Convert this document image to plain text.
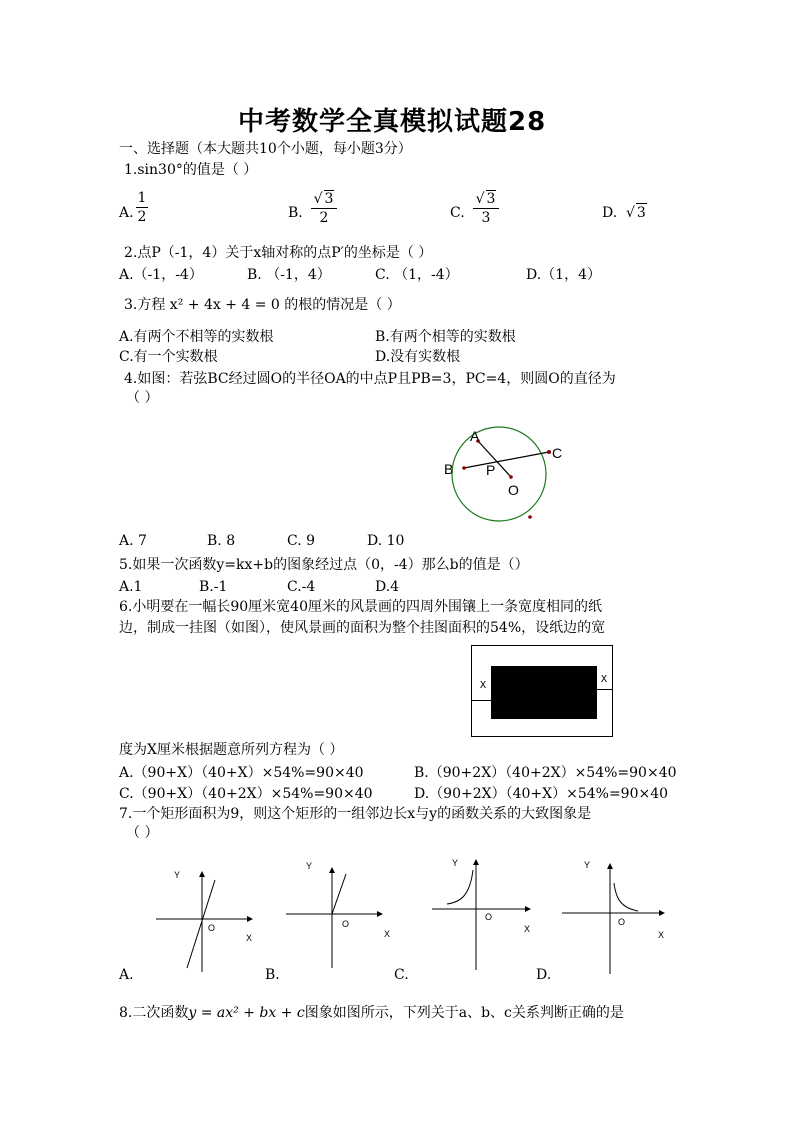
中考数学全真模拟试题28
一、选择题（本大题共10个小题，每小题3分）
1.sin30°的值是（ ）
A.
1
2	B.
√ 3
2	C.
√ 3
3	D. √ 3
2.点P（-1，4）关于x轴对称的点P′的坐标是（ ）
A.（-1，-4）	B. （-1，4）	C. （1，-4）	D.（1，4）
3.方程 x² + 4x + 4 = 0 的根的情况是（ ）
A.有两个不相等的实数根	B.有两个相等的实数根
C.有一个实数根	D.没有实数根
4.如图：若弦BC经过圆O的半径OA的中点P且PB=3，PC=4，则圆O的直径为
（ ）
A
B
C
P
O
A. 7	B. 8	C. 9	D. 10
5.如果一次函数y=kx+b的图象经过点（0，-4）那么b的值是（）
A.1	B.-1	C.-4	D.4
6.小明要在一幅长90厘米宽40厘米的风景画的四周外围镶上一条宽度相同的纸
边，制成一挂图（如图），使风景画的面积为整个挂图面积的54%，设纸边的宽
X
X
度为X厘米根据题意所列方程为（ ）
A.（90+X）（40+X）×54%=90×40	B.（90+2X）（40+2X）×54%=90×40
C.（90+X）（40+2X）×54%=90×40	D.（90+2X）（40+X）×54%=90×40
7.一个矩形面积为9，则这个矩形的一组邻边长x与y的函数关系的大致图象是
（ ）
Y
X
O
A.
Y
X
O
B.
Y
X
O
C.
Y
X
O
D.
8.二次函数y = ax² + bx + c图象如图所示，下列关于a、b、c关系判断正确的是
